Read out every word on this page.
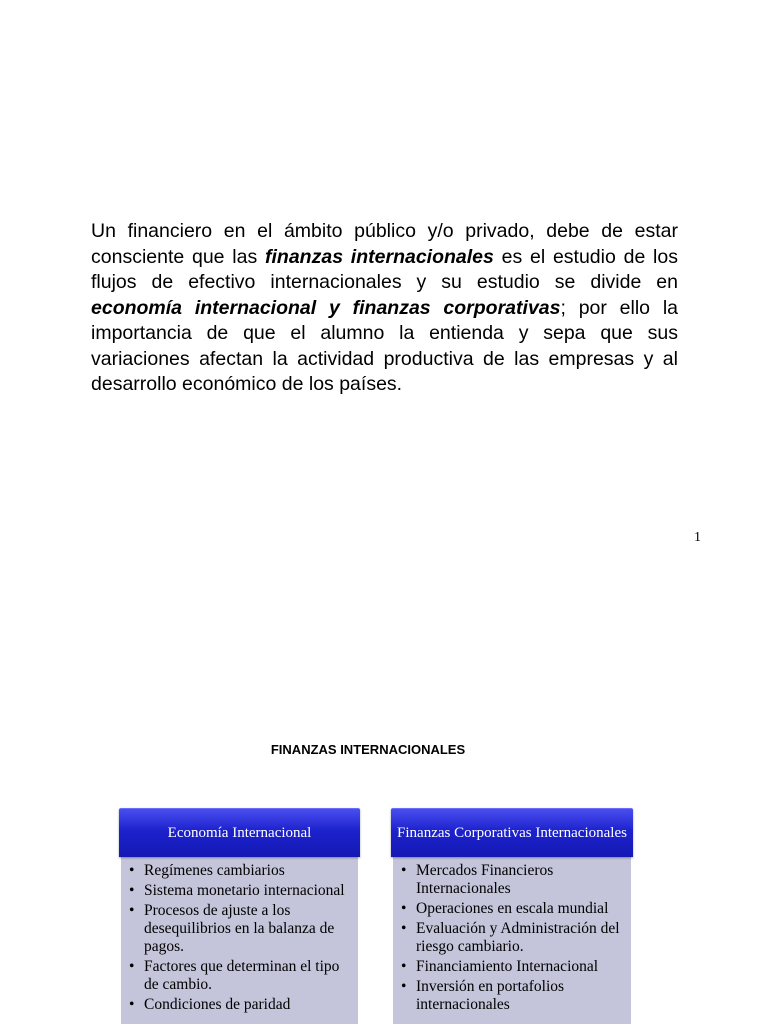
Un financiero en el ámbito público y/o privado, debe de estar consciente que las finanzas internacionales es el estudio de los flujos de efectivo internacionales y su estudio se divide en economía internacional y finanzas corporativas; por ello la importancia de que el alumno la entienda y sepa que sus variaciones afectan la actividad productiva de las empresas y al desarrollo económico de los países.

1
FINANZAS INTERNACIONALES
Economía Internacional
• Regímenes cambiarios
• Sistema monetario internacional
• Procesos de ajuste a los desequilibrios en la balanza de pagos.
• Factores que determinan el tipo de cambio.
• Condiciones de paridad
Finanzas Corporativas Internacionales
• Mercados Financieros Internacionales
• Operaciones en escala mundial
• Evaluación y Administración del riesgo cambiario.
• Financiamiento Internacional
• Inversión en portafolios internacionales
